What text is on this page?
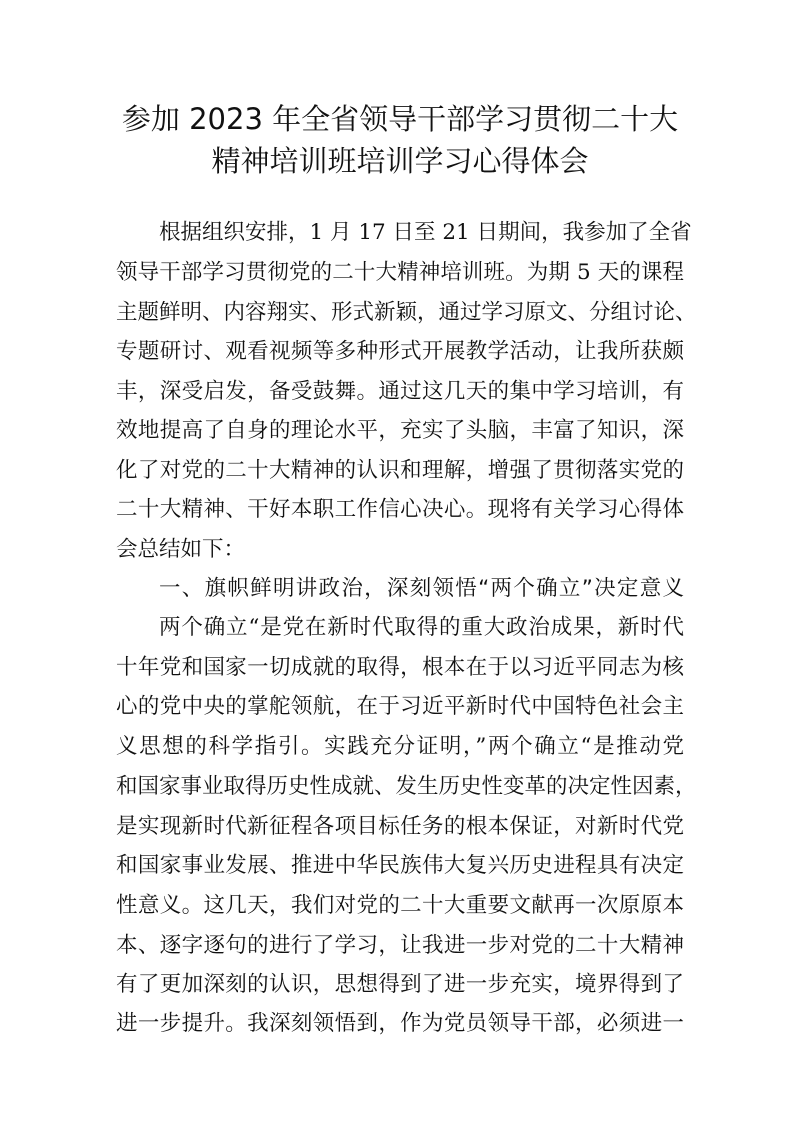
参加 2023 年全省领导干部学习贯彻二十大
精神培训班培训学习心得体会
根据组织安排，1 月 17 日至 21 日期间，我参加了全省
领导干部学习贯彻党的二十大精神培训班。为期 5 天的课程
主题鲜明、内容翔实、形式新颖，通过学习原文、分组讨论、
专题研讨、观看视频等多种形式开展教学活动，让我所获颇
丰，深受启发，备受鼓舞。通过这几天的集中学习培训，有
效地提高了自身的理论水平，充实了头脑，丰富了知识，深
化了对党的二十大精神的认识和理解，增强了贯彻落实党的
二十大精神、干好本职工作信心决心。现将有关学习心得体
会总结如下：
一、旗帜鲜明讲政治，深刻领悟“两个确立”决定意义
两个确立“是党在新时代取得的重大政治成果，新时代
十年党和国家一切成就的取得，根本在于以习近平同志为核
心的党中央的掌舵领航，在于习近平新时代中国特色社会主
义思想的科学指引。实践充分证明，”两个确立“是推动党
和国家事业取得历史性成就、发生历史性变革的决定性因素，
是实现新时代新征程各项目标任务的根本保证，对新时代党
和国家事业发展、推进中华民族伟大复兴历史进程具有决定
性意义。这几天，我们对党的二十大重要文献再一次原原本
本、逐字逐句的进行了学习，让我进一步对党的二十大精神
有了更加深刻的认识，思想得到了进一步充实，境界得到了
进一步提升。我深刻领悟到，作为党员领导干部，必须进一
